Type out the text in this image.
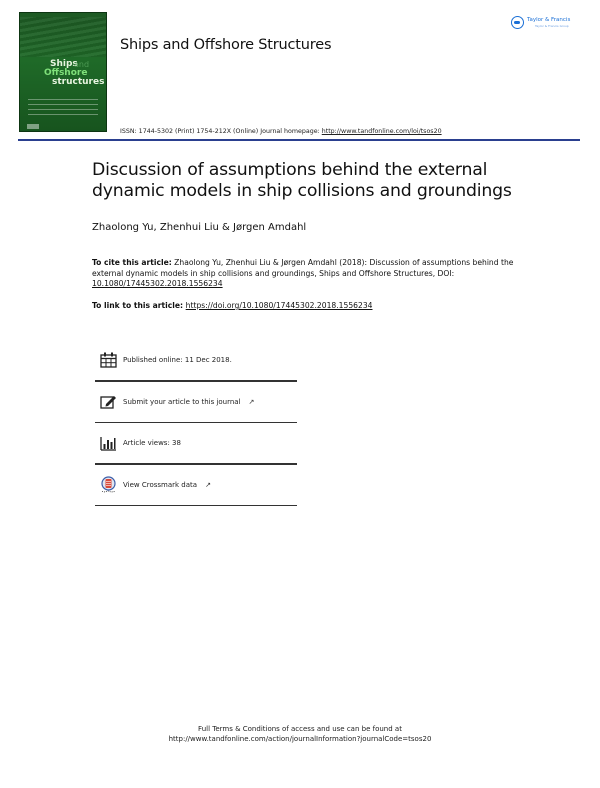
Ships
and
Offshore
structures
Ships and Offshore Structures
Taylor & Francis
Taylor & Francis Group
ISSN: 1744-5302 (Print) 1754-212X (Online) Journal homepage: http://www.tandfonline.com/loi/tsos20
Discussion of assumptions behind the external dynamic models in ship collisions and groundings
Zhaolong Yu, Zhenhui Liu & Jørgen Amdahl
To cite this article: Zhaolong Yu, Zhenhui Liu & Jørgen Amdahl (2018): Discussion of assumptions behind the external dynamic models in ship collisions and groundings, Ships and Offshore Structures, DOI: 10.1080/17445302.2018.1556234
To link to this article: https://doi.org/10.1080/17445302.2018.1556234
Published online: 11 Dec 2018.
Submit your article to this journal ↗
Article views: 38
View Crossmark data ↗
Full Terms & Conditions of access and use can be found at
http://www.tandfonline.com/action/journalInformation?journalCode=tsos20
